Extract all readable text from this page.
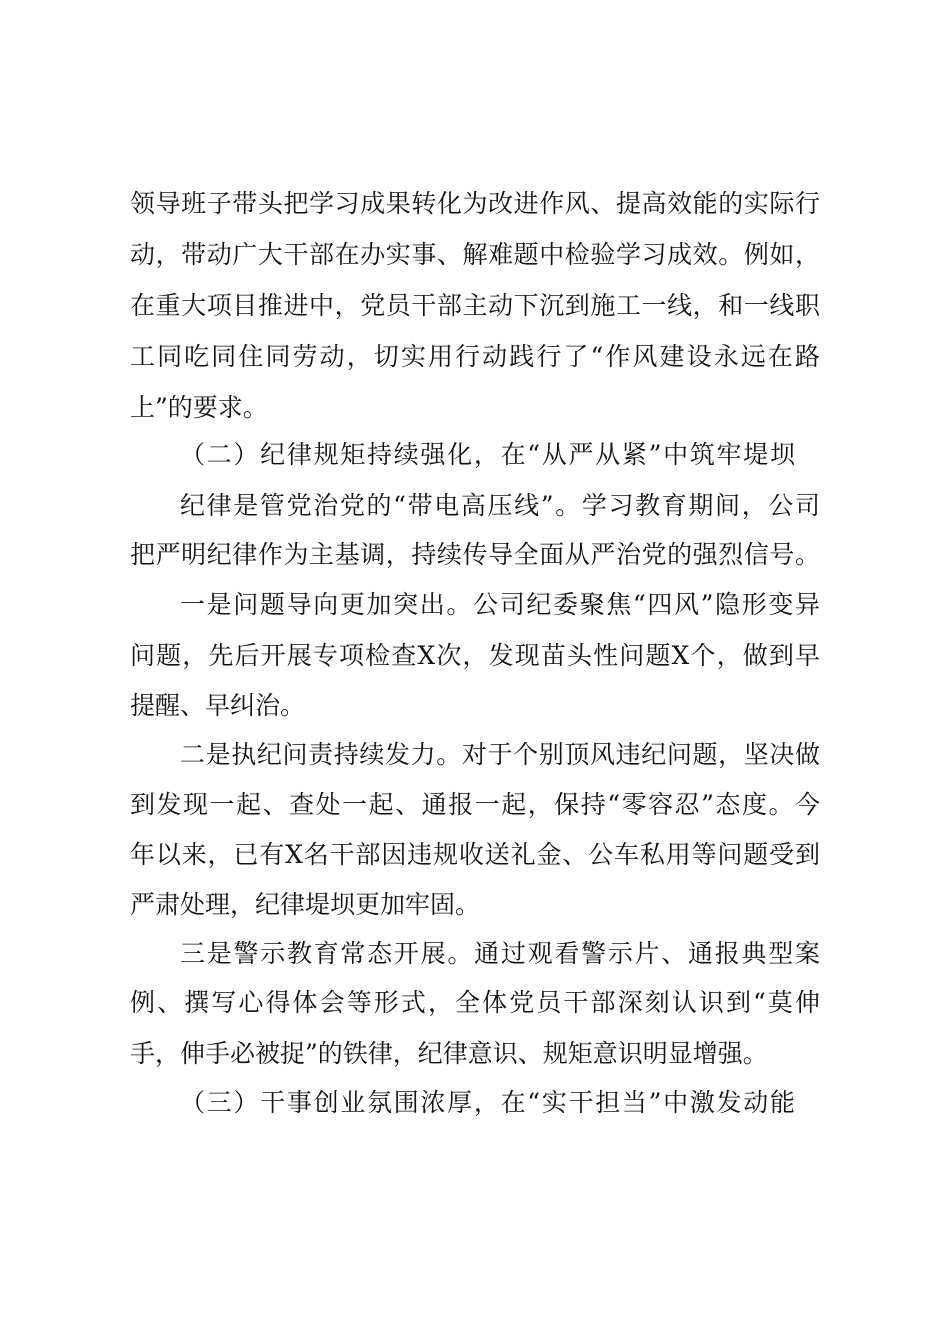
领导班子带头把学习成果转化为改进作风、提高效能的实际行
动，带动广大干部在办实事、解难题中检验学习成效。例如，
在重大项目推进中，党员干部主动下沉到施工一线，和一线职
工同吃同住同劳动，切实用行动践行了“作风建设永远在路
上”的要求。
（二）纪律规矩持续强化，在“从严从紧”中筑牢堤坝
纪律是管党治党的“带电高压线”。学习教育期间，公司
把严明纪律作为主基调，持续传导全面从严治党的强烈信号。
一是问题导向更加突出。公司纪委聚焦“四风”隐形变异
问题，先后开展专项检查X次，发现苗头性问题X个，做到早
提醒、早纠治。
二是执纪问责持续发力。对于个别顶风违纪问题，坚决做
到发现一起、查处一起、通报一起，保持“零容忍”态度。今
年以来，已有X名干部因违规收送礼金、公车私用等问题受到
严肃处理，纪律堤坝更加牢固。
三是警示教育常态开展。通过观看警示片、通报典型案
例、撰写心得体会等形式，全体党员干部深刻认识到“莫伸
手，伸手必被捉”的铁律，纪律意识、规矩意识明显增强。
（三）干事创业氛围浓厚，在“实干担当”中激发动能
